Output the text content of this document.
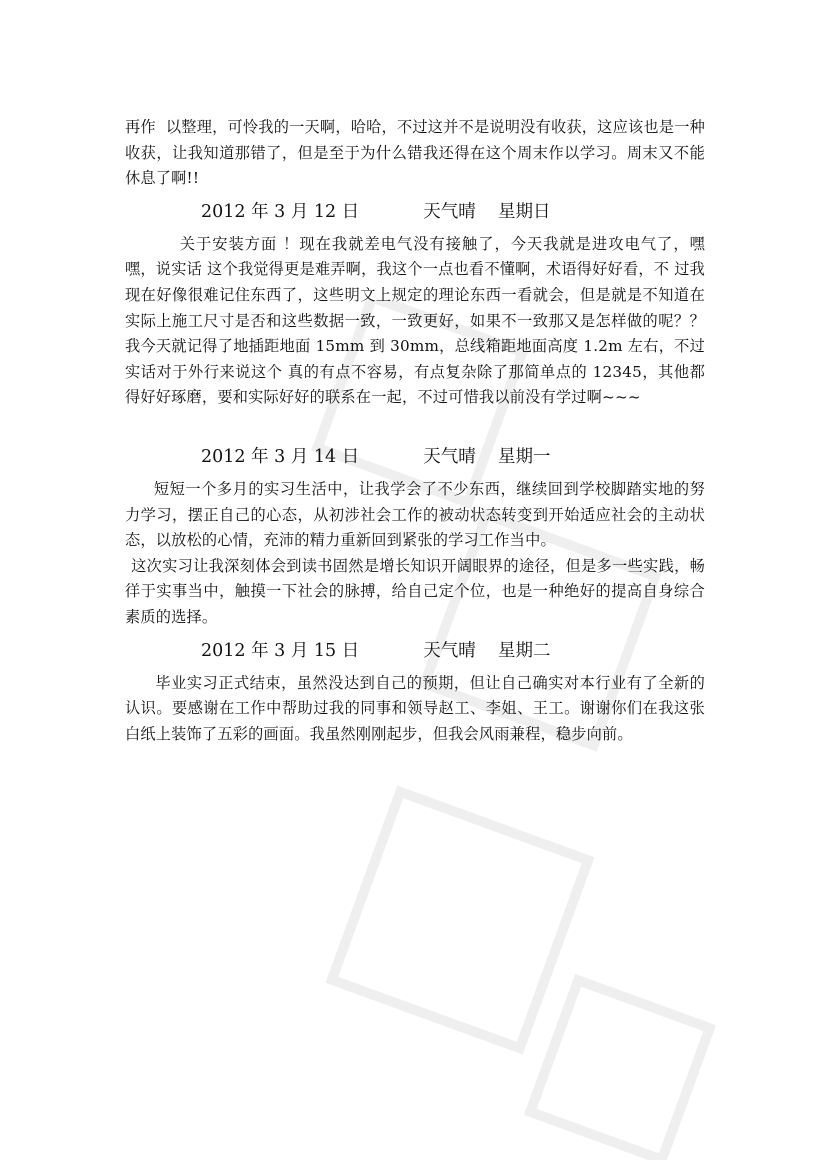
再作  以整理，可怜我的一天啊，哈哈，不过这并不是说明没有收获，这应该也是一种收获，让我知道那错了，但是至于为什么错我还得在这个周末作以学习。周末又不能休息了啊!!

2012 年 3 月 12 日	天气晴    星期日

关于安装方面 ！现在我就差电气没有接触了，今天我就是进攻电气了，嘿嘿，说实话 这个我觉得更是难弄啊，我这个一点也看不懂啊，术语得好好看，不 过我现在好像很难记住东西了，这些明文上规定的理论东西一看就会，但是就是不知道在实际上施工尺寸是否和这些数据一致，一致更好，如果不一致那又是怎样做的呢？？我今天就记得了地插距地面 15mm 到 30mm，总线箱距地面高度 1.2m 左右，不过实话对于外行来说这个 真的有点不容易，有点复杂除了那简单点的 12345，其他都得好好琢磨，要和实际好好的联系在一起，不过可惜我以前没有学过啊~~~

2012 年 3 月 14 日	天气晴    星期一

短短一个多月的实习生活中，让我学会了不少东西，继续回到学校脚踏实地的努力学习，摆正自己的心态，从初涉社会工作的被动状态转变到开始适应社会的主动状态，以放松的心情，充沛的精力重新回到紧张的学习工作当中。

这次实习让我深刻体会到读书固然是增长知识开阔眼界的途径，但是多一些实践，畅徉于实事当中，触摸一下社会的脉搏，给自己定个位，也是一种绝好的提高自身综合素质的选择。

2012 年 3 月 15 日	天气晴    星期二

毕业实习正式结束，虽然没达到自己的预期，但让自己确实对本行业有了全新的认识。要感谢在工作中帮助过我的同事和领导赵工、李姐、王工。谢谢你们在我这张白纸上装饰了五彩的画面。我虽然刚刚起步，但我会风雨兼程，稳步向前。
